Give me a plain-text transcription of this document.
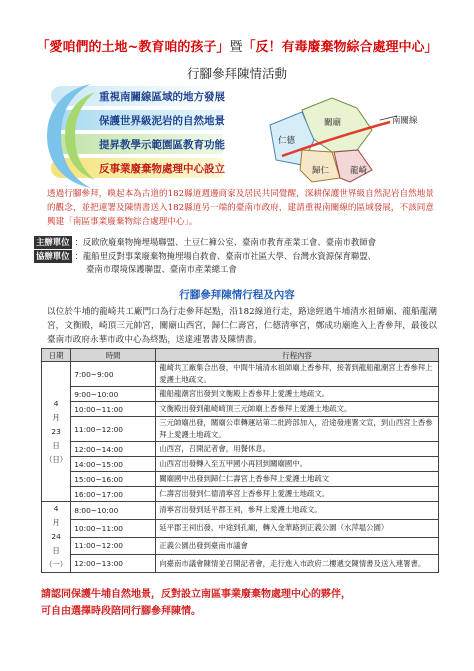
「愛咱們的土地~教育咱的孩子」暨「反！有毒廢棄物綜合處理中心」
行腳參拜陳情活動
重視南關線區域的地方發展
保護世界級泥岩的自然地景
提昇教學示範園區教育功能
反事業廢棄物處理中心設立
關廟	南關線
仁德
歸仁 龍崎
透過行腳參拜，喚起本為古道的182縣道週邊商家及居民共同覺醒，深耕保護世界級自然泥岩自然地景的觀念，並把連署及陳情書送入182縣道另一端的臺南市政府，建請重視南關線的區域發展，不該同意興建「南區事業廢棄物綜合處理中心」。
主辦單位 ：反欧欣廢棄物掩埋場聯盟、土豆仁褲公室、臺南市教育產業工會、臺南市教師會
協辦單位 ：龍船里反對事業廢棄物掩埋場自救會、臺南市社區大學、台灣水資源保育聯盟、
臺南市環境保護聯盟、臺南市產業總工會
行腳參拜陳情行程及內容
以位於牛埔的龍崎共工廠門口為行走參拜起點，沿182線道行走，路途經過牛埔清水祖師廟、龍船龍潮宮，文衡殿，崎頂三元帥宮，關廟山西宮，歸仁仁壽宮，仁德清寧宮，鄭成功廟進入上香參拜，最後以臺南市政府永華市政中心為終點，送達連署書及陳情書。
日期	時間	行程內容
4
月
23
日
（日）	7:00~9:00	龍崎共工廠集合出發，中間牛埔清水祖師廟上香參拜，接著到龍船龍潮宮上香參拜上愛護土地疏文。
	9:00~10:00	龍船龍潮宮出發到文衡殿上香參拜上愛護土地疏文。
	10:00~11:00	文衡殿出發到龍崎崎頂三元帥廟上香參拜上愛護土地疏文。
	11:00~12:00	三元帥廟出發，關廟公車轉運站第二批跨部加入，沿途發連署文宣，到山西宮上香參拜上愛護土地疏文。
	12:00~14:00	山西宮，召開記者會，用餐休息。
	14:00~15:00	山西宮出發轉入至五甲國小再回到關廟國中。
	15:00~16:00	關廟國中出發到歸仁仁壽宮上香參拜上愛護土地疏文
	16:00~17:00	仁壽宮出發到仁德清寧宮上香參拜上愛護土地疏文。
4
月
24
日
（一）	8:00~10:00	清寧宮出發到延平郡王祠，參拜上愛護土地疏文。
	10:00~11:00	延平郡王祠出發，中途到孔廟，轉入金華路到正義公園（水萍塭公園）
	11:00~12:00	正義公園出發到臺南市議會
	12:00~13:00	向臺南市議會陳情並召開記者會，走行進入市政府二樓遞交陳情書及送入連署書。
請認同保護牛埔自然地景，反對設立南區事業廢棄物處理中心的夥伴，
可自由選擇時段陪同行腳參拜陳情。
